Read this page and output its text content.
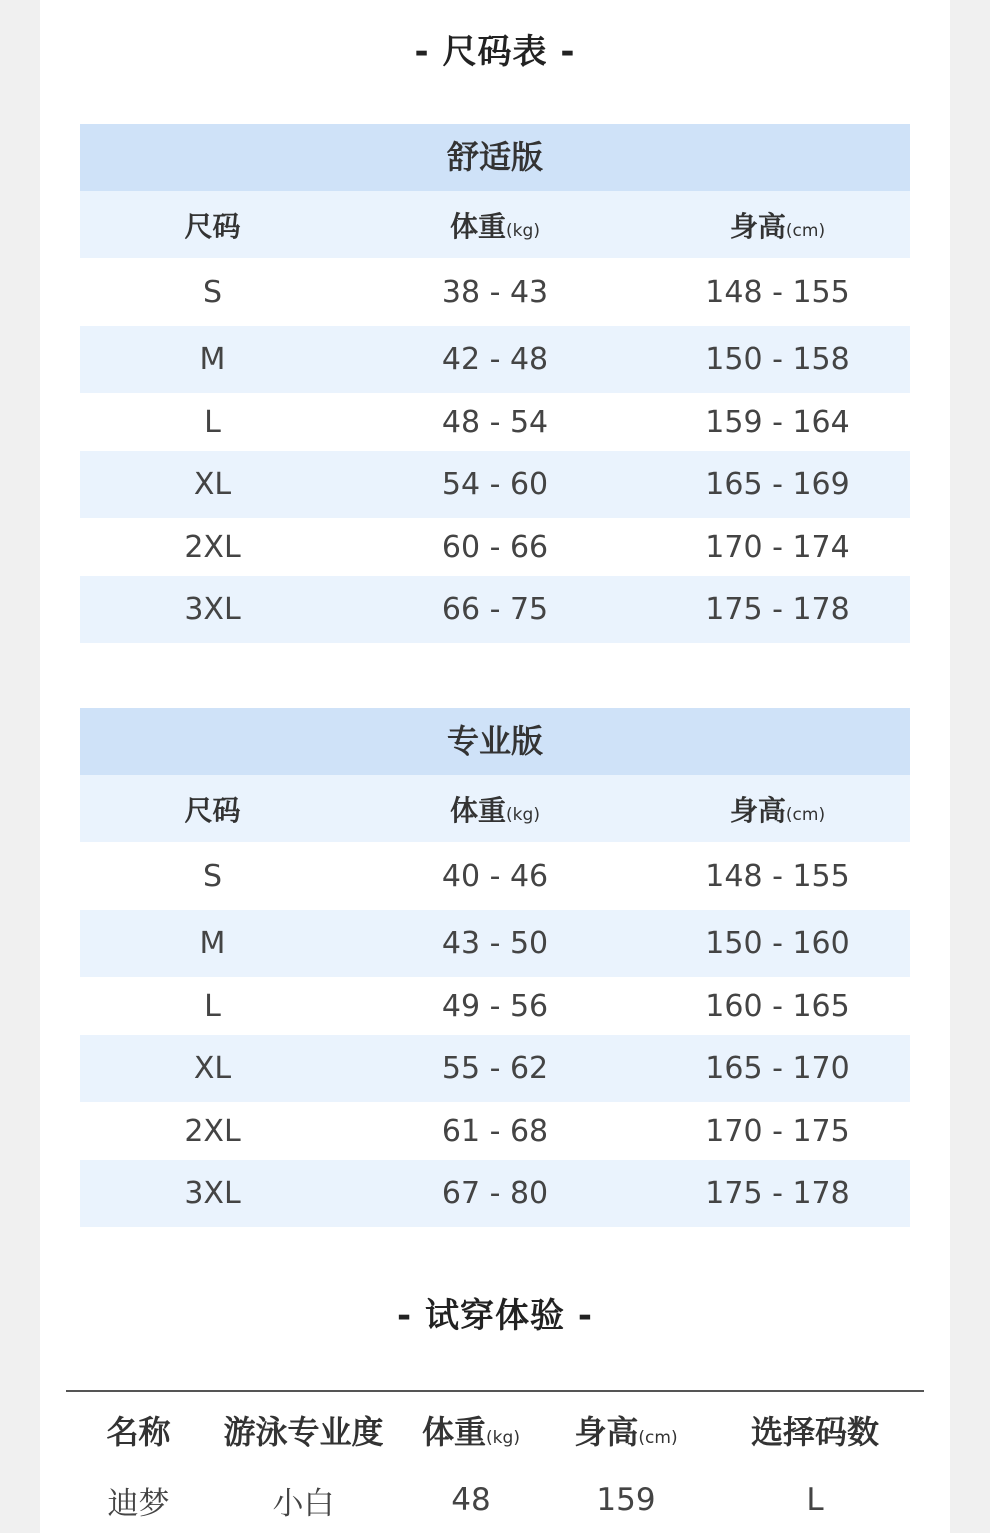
- 尺码表 -
舒适版
尺码	体重(kg)	身高(cm)
S	38 - 43	148 - 155
M	42 - 48	150 - 158
L	48 - 54	159 - 164
XL	54 - 60	165 - 169
2XL	60 - 66	170 - 174
3XL	66 - 75	175 - 178
专业版
尺码	体重(kg)	身高(cm)
S	40 - 46	148 - 155
M	43 - 50	150 - 160
L	49 - 56	160 - 165
XL	55 - 62	165 - 170
2XL	61 - 68	170 - 175
3XL	67 - 80	175 - 178
- 试穿体验 -
名称	游泳专业度	体重(kg)	身高(cm)	选择码数
迪梦	小白	48	159	L
